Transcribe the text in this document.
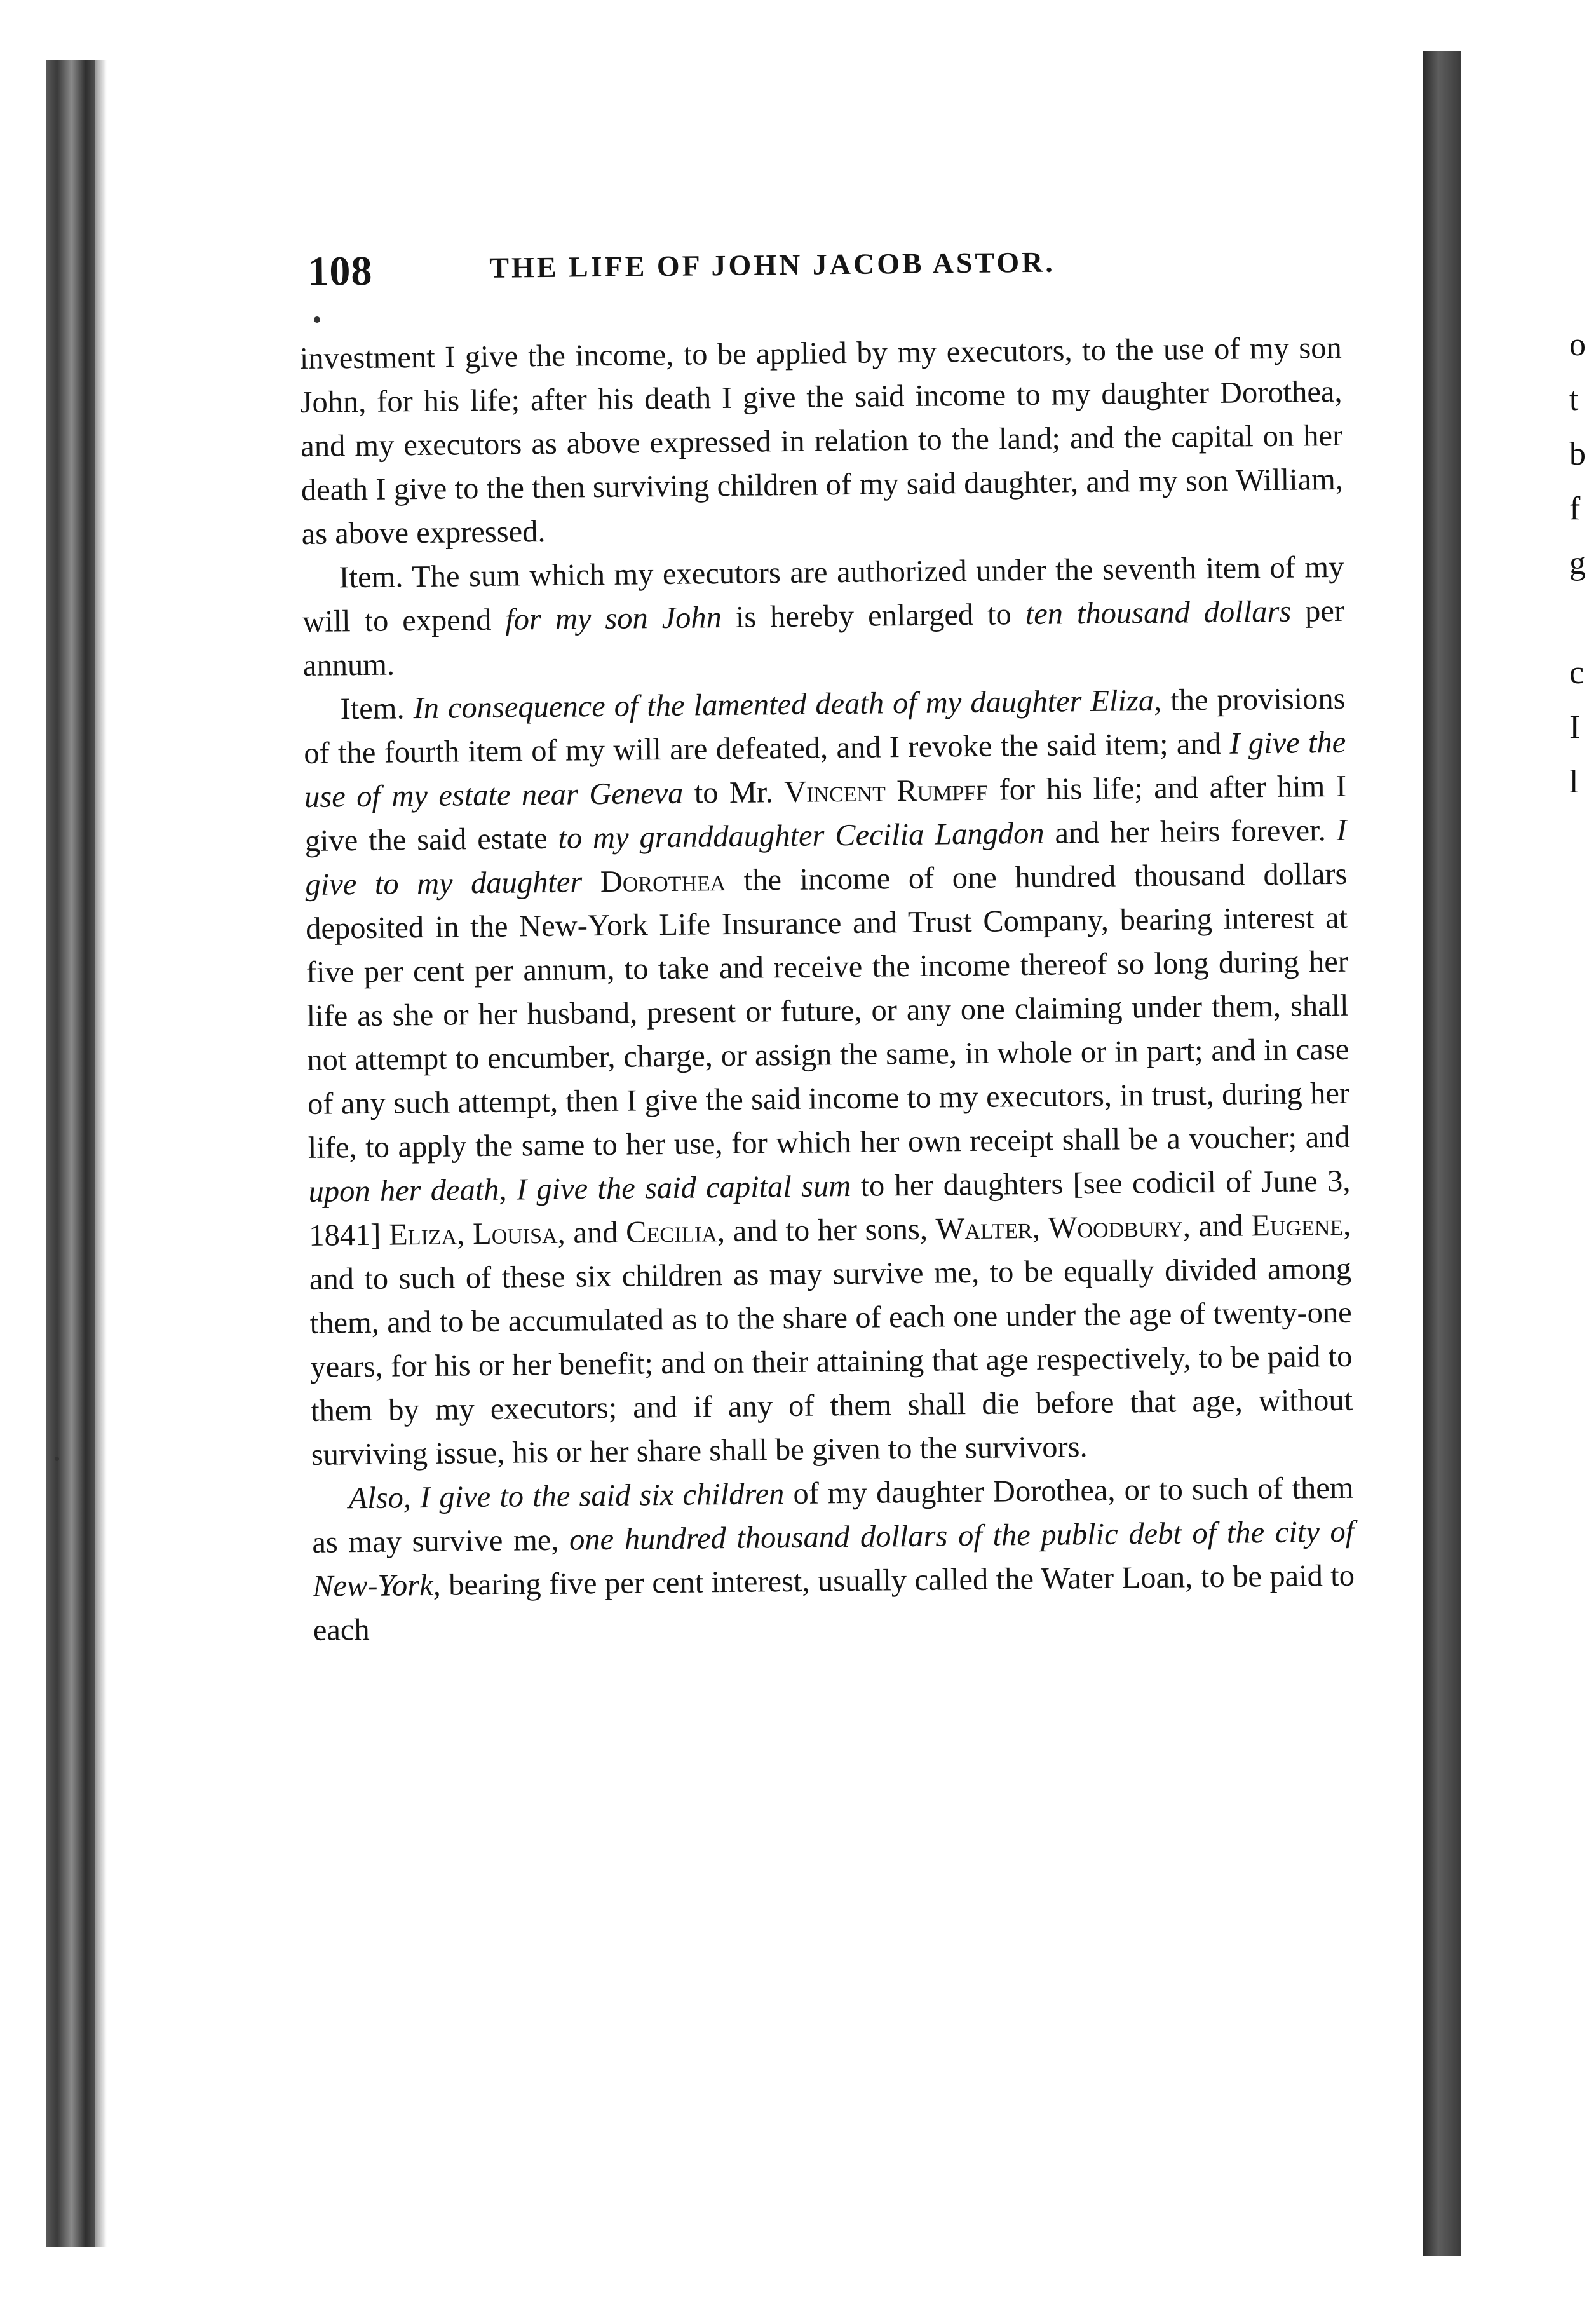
o
t
b
f
g

c
I
l
108	THE LIFE OF JOHN JACOB ASTOR.

investment I give the income, to be applied by my executors, to the use of my son John, for his life; after his death I give the said income to my daughter Dorothea, and my executors as above expressed in relation to the land; and the capital on her death I give to the then surviving children of my said daughter, and my son William, as above expressed.

Item. The sum which my executors are authorized under the seventh item of my will to expend for my son John is hereby enlarged to ten thousand dollars per annum.

Item. In consequence of the lamented death of my daughter Eliza, the provisions of the fourth item of my will are defeated, and I revoke the said item; and I give the use of my estate near Geneva to Mr. Vincent Rumpff for his life; and after him I give the said estate to my granddaughter Cecilia Langdon and her heirs forever. I give to my daughter Dorothea the income of one hundred thousand dollars deposited in the New-York Life Insurance and Trust Company, bearing interest at five per cent per annum, to take and receive the income thereof so long during her life as she or her husband, present or future, or any one claiming under them, shall not attempt to encumber, charge, or assign the same, in whole or in part; and in case of any such attempt, then I give the said income to my executors, in trust, during her life, to apply the same to her use, for which her own receipt shall be a voucher; and upon her death, I give the said capital sum to her daughters [see codicil of June 3, 1841] Eliza, Louisa, and Cecilia, and to her sons, Walter, Woodbury, and Eugene, and to such of these six children as may survive me, to be equally divided among them, and to be accumulated as to the share of each one under the age of twenty-one years, for his or her benefit; and on their attaining that age respectively, to be paid to them by my executors; and if any of them shall die before that age, without surviving issue, his or her share shall be given to the survivors.

Also, I give to the said six children of my daughter Dorothea, or to such of them as may survive me, one hundred thousand dollars of the public debt of the city of New-York, bearing five per cent interest, usually called the Water Loan, to be paid to each
